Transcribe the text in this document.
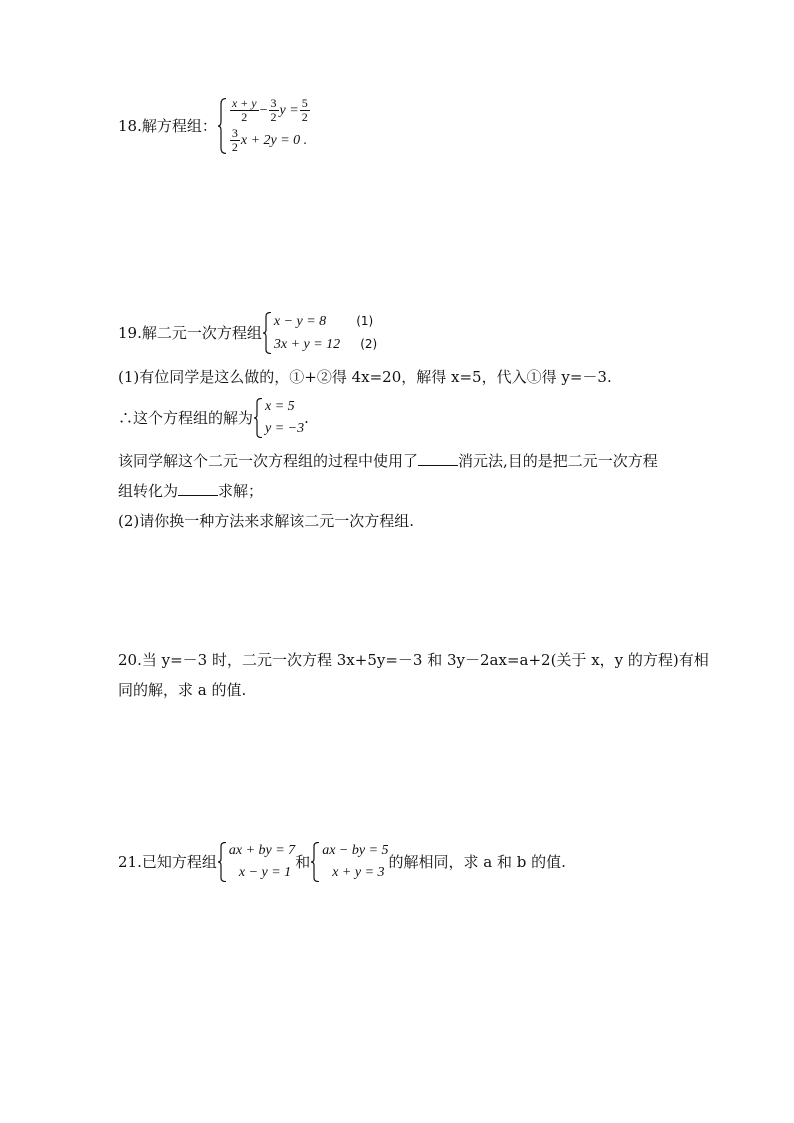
18.解方程组：
$\frac{x + y}{2} - \frac{3}{2}$ $y = \frac{5}{2}$
$\frac{3}{2}$ x + 2y = 0 .
19.解二元一次方程组
x − y = 8	(1)
3x + y = 12 (2)
(1)有位同学是这么做的，①+②得 4x=20，解得 x=5，代入①得 y=－3.
∴这个方程组的解为
x = 5
y = −3
.
该同学解这个二元一次方程组的过程中使用了	消元法,目的是把二元一次方程
组转化为	求解；
(2)请你换一种方法来求解该二元一次方程组.
20.当 y=－3 时，二元一次方程 3x+5y=－3 和 3y－2ax=a+2(关于 x，y 的方程)有相
同的解，求 a 的值.
21.已知方程组
ax + by = 7
x − y = 1
和
ax − by = 5
x + y = 3
的解相同，求 a 和 b 的值.
